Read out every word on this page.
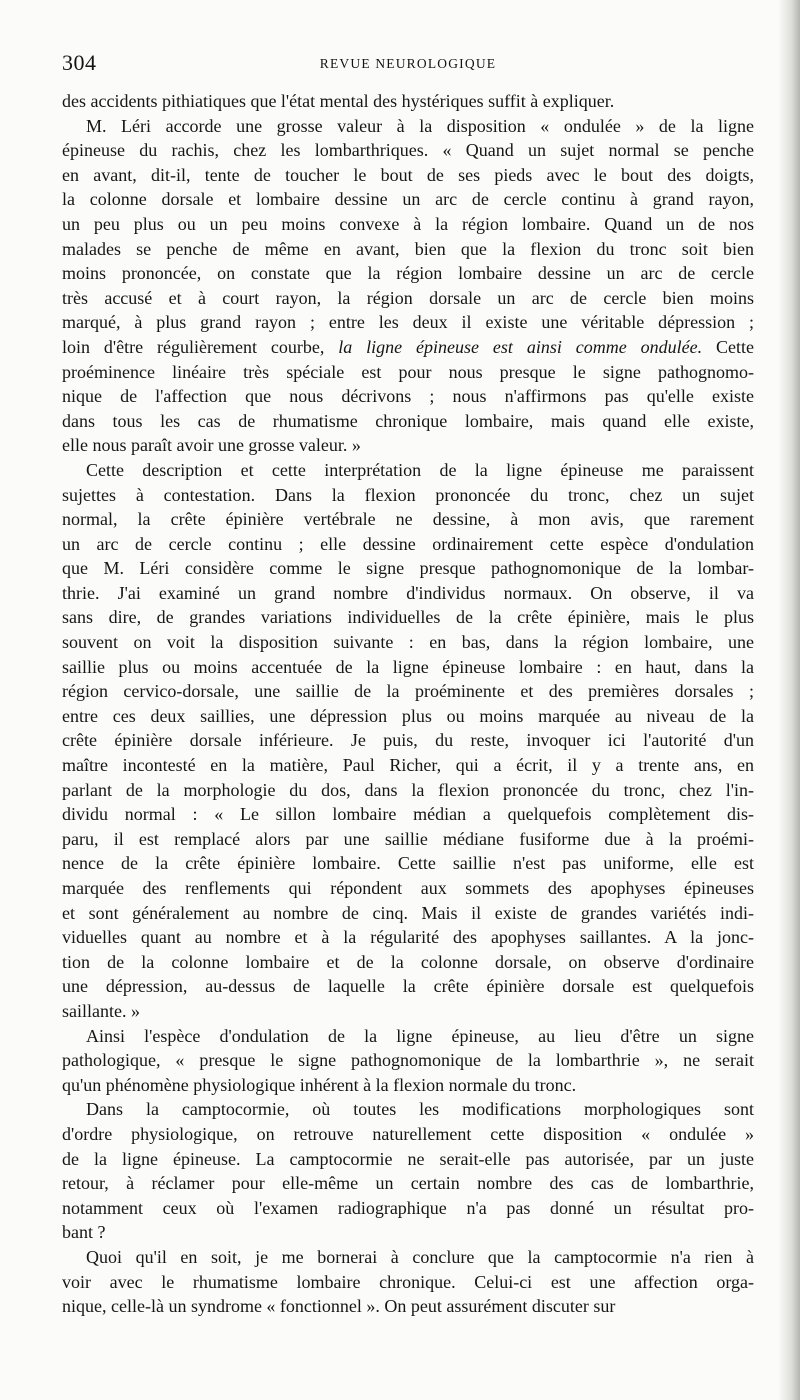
304	REVUE NEUROLOGIQUE
des accidents pithiatiques que l'état mental des hystériques suffit à expliquer.
M. Léri accorde une grosse valeur à la disposition « ondulée » de la ligne
épineuse du rachis, chez les lombarthriques. « Quand un sujet normal se penche
en avant, dit-il, tente de toucher le bout de ses pieds avec le bout des doigts,
la colonne dorsale et lombaire dessine un arc de cercle continu à grand rayon,
un peu plus ou un peu moins convexe à la région lombaire. Quand un de nos
malades se penche de même en avant, bien que la flexion du tronc soit bien
moins prononcée, on constate que la région lombaire dessine un arc de cercle
très accusé et à court rayon, la région dorsale un arc de cercle bien moins
marqué, à plus grand rayon ; entre les deux il existe une véritable dépression ;
loin d'être régulièrement courbe, la ligne épineuse est ainsi comme ondulée. Cette
proéminence linéaire très spéciale est pour nous presque le signe pathognomo-
nique de l'affection que nous décrivons ; nous n'affirmons pas qu'elle existe
dans tous les cas de rhumatisme chronique lombaire, mais quand elle existe,
elle nous paraît avoir une grosse valeur. »
Cette description et cette interprétation de la ligne épineuse me paraissent
sujettes à contestation. Dans la flexion prononcée du tronc, chez un sujet
normal, la crête épinière vertébrale ne dessine, à mon avis, que rarement
un arc de cercle continu ; elle dessine ordinairement cette espèce d'ondulation
que M. Léri considère comme le signe presque pathognomonique de la lombar-
thrie. J'ai examiné un grand nombre d'individus normaux. On observe, il va
sans dire, de grandes variations individuelles de la crête épinière, mais le plus
souvent on voit la disposition suivante : en bas, dans la région lombaire, une
saillie plus ou moins accentuée de la ligne épineuse lombaire : en haut, dans la
région cervico-dorsale, une saillie de la proéminente et des premières dorsales ;
entre ces deux saillies, une dépression plus ou moins marquée au niveau de la
crête épinière dorsale inférieure. Je puis, du reste, invoquer ici l'autorité d'un
maître incontesté en la matière, Paul Richer, qui a écrit, il y a trente ans, en
parlant de la morphologie du dos, dans la flexion prononcée du tronc, chez l'in-
dividu normal : « Le sillon lombaire médian a quelquefois complètement dis-
paru, il est remplacé alors par une saillie médiane fusiforme due à la proémi-
nence de la crête épinière lombaire. Cette saillie n'est pas uniforme, elle est
marquée des renflements qui répondent aux sommets des apophyses épineuses
et sont généralement au nombre de cinq. Mais il existe de grandes variétés indi-
viduelles quant au nombre et à la régularité des apophyses saillantes. A la jonc-
tion de la colonne lombaire et de la colonne dorsale, on observe d'ordinaire
une dépression, au-dessus de laquelle la crête épinière dorsale est quelquefois
saillante. »
Ainsi l'espèce d'ondulation de la ligne épineuse, au lieu d'être un signe
pathologique, « presque le signe pathognomonique de la lombarthrie », ne serait
qu'un phénomène physiologique inhérent à la flexion normale du tronc.
Dans la camptocormie, où toutes les modifications morphologiques sont
d'ordre physiologique, on retrouve naturellement cette disposition « ondulée »
de la ligne épineuse. La camptocormie ne serait-elle pas autorisée, par un juste
retour, à réclamer pour elle-même un certain nombre des cas de lombarthrie,
notamment ceux où l'examen radiographique n'a pas donné un résultat pro-
bant ?
Quoi qu'il en soit, je me bornerai à conclure que la camptocormie n'a rien à
voir avec le rhumatisme lombaire chronique. Celui-ci est une affection orga-
nique, celle-là un syndrome « fonctionnel ». On peut assurément discuter sur
